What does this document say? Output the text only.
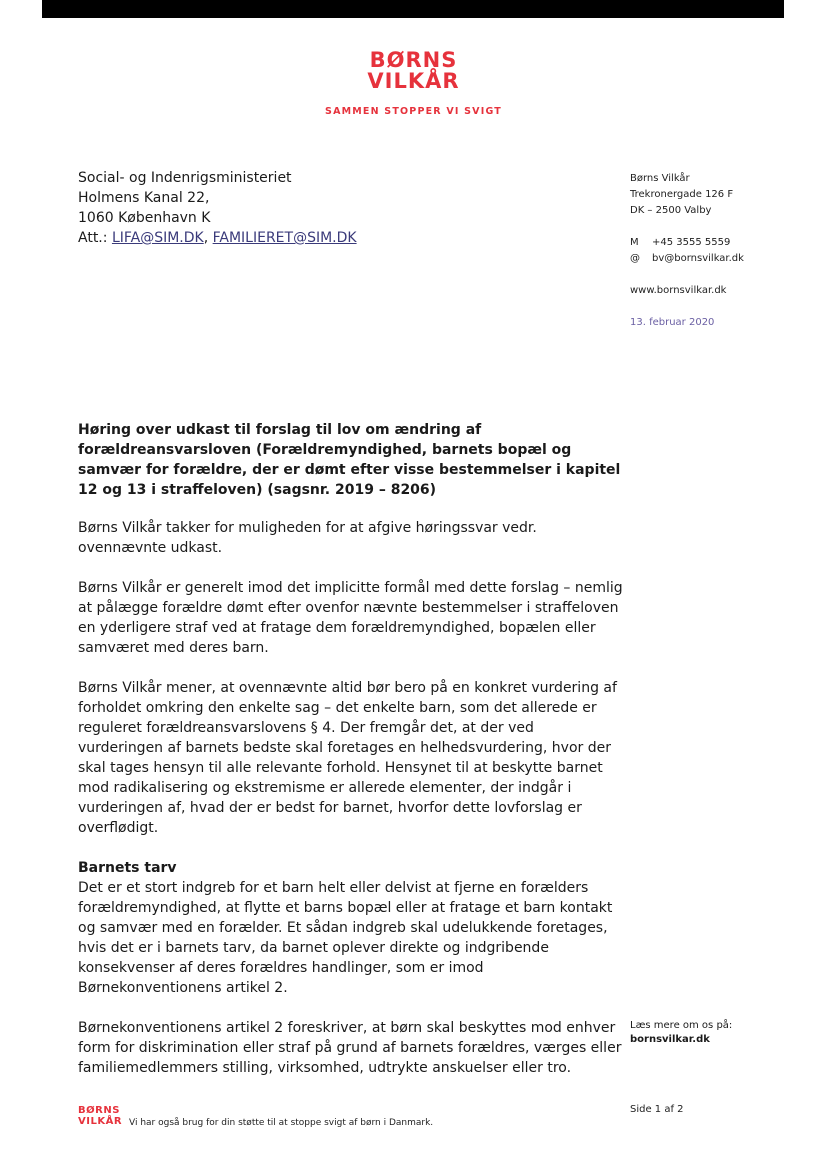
BØRNS
VILKÅR
SAMMEN STOPPER VI SVIGT
Social- og Indenrigsministeriet
Holmens Kanal 22,
1060 København K
Att.: LIFA@SIM.DK, FAMILIERET@SIM.DK
Børns Vilkår
Trekronergade 126 F
DK – 2500 Valby
M	+45 3555 5559
@	bv@bornsvilkar.dk
www.bornsvilkar.dk
13. februar 2020
Høring over udkast til forslag til lov om ændring af forældreansvarsloven (Forældremyndighed, barnets bopæl og samvær for forældre, der er dømt efter visse bestemmelser i kapitel 12 og 13 i straffeloven) (sagsnr. 2019 – 8206)

Børns Vilkår takker for muligheden for at afgive høringssvar vedr. ovennævnte udkast.

Børns Vilkår er generelt imod det implicitte formål med dette forslag – nemlig at pålægge forældre dømt efter ovenfor nævnte bestemmelser i straffeloven en yderligere straf ved at fratage dem forældremyndighed, bopælen eller samværet med deres barn.

Børns Vilkår mener, at ovennævnte altid bør bero på en konkret vurdering af forholdet omkring den enkelte sag – det enkelte barn, som det allerede er reguleret forældreansvarslovens § 4. Der fremgår det, at der ved vurderingen af barnets bedste skal foretages en helhedsvurdering, hvor der skal tages hensyn til alle relevante forhold. Hensynet til at beskytte barnet mod radikalisering og ekstremisme er allerede elementer, der indgår i vurderingen af, hvad der er bedst for barnet, hvorfor dette lovforslag er overflødigt.

Barnets tarv

Det er et stort indgreb for et barn helt eller delvist at fjerne en forælders forældremyndighed, at flytte et barns bopæl eller at fratage et barn kontakt og samvær med en forælder. Et sådan indgreb skal udelukkende foretages, hvis det er i barnets tarv, da barnet oplever direkte og indgribende konsekvenser af deres forældres handlinger, som er imod Børnekonventionens artikel 2.

Børnekonventionens artikel 2 foreskriver, at børn skal beskyttes mod enhver form for diskrimination eller straf på grund af barnets forældres, værges eller familiemedlemmers stilling, virksomhed, udtrykte anskuelser eller tro.

Læs mere om os på:
bornsvilkar.dk
BØRNS
VILKÅR Vi har også brug for din støtte til at stoppe svigt af børn i Danmark.
Side 1 af 2
